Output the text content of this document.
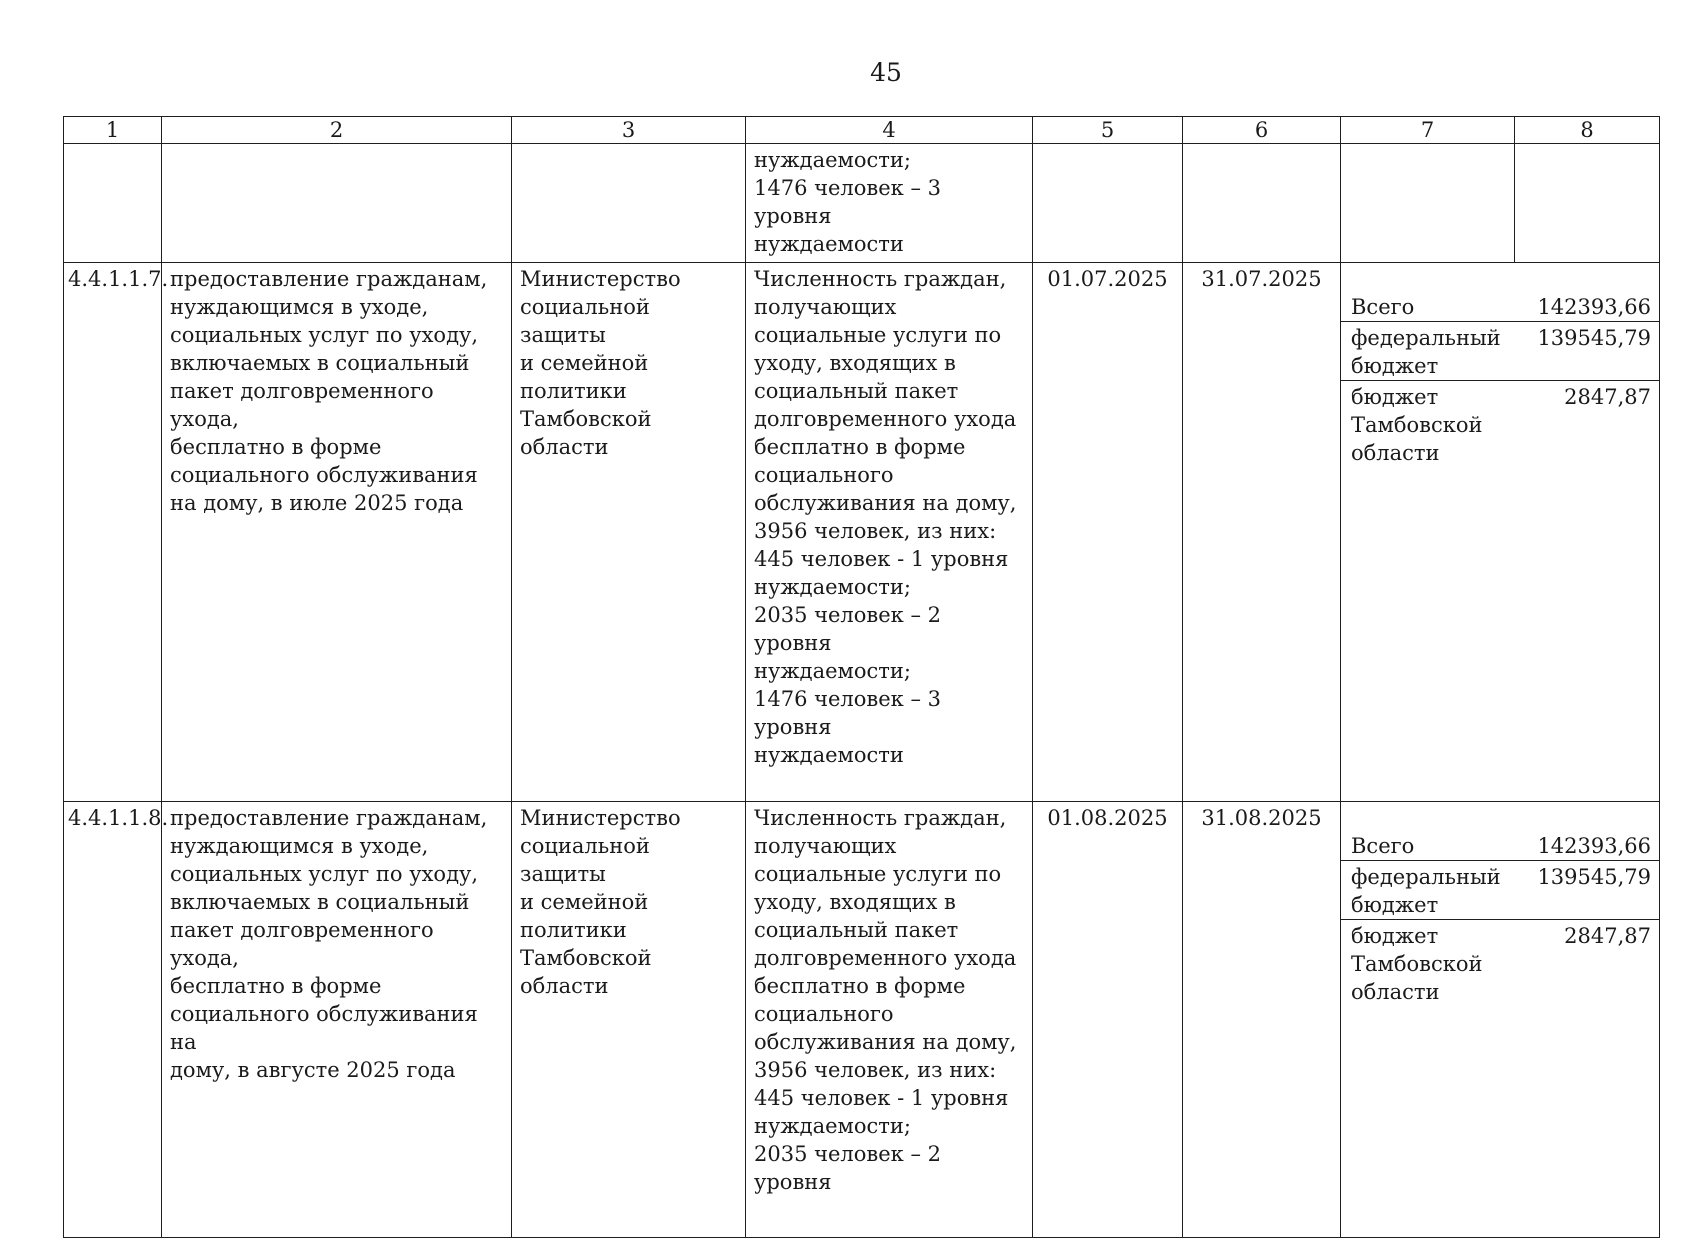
45
1	2	3	4	5	6	7	8
			нуждаемости;
1476 человек – 3 уровня
нуждаемости				
4.4.1.1.7.	предоставление гражданам,
нуждающимся в уходе,
социальных услуг по уходу,
включаемых в социальный
пакет долговременного ухода,
бесплатно в форме
социального обслуживания
на дому, в июле 2025 года	Министерство
социальной защиты
и семейной
политики
Тамбовской
области	Численность граждан,
получающих
социальные услуги по
уходу, входящих в
социальный пакет
долговременного ухода
бесплатно в форме
социального
обслуживания на дому,
3956 человек, из них:
445 человек - 1 уровня
нуждаемости;
2035 человек – 2 уровня
нуждаемости;
1476 человек – 3 уровня
нуждаемости	01.07.2025	31.07.2025	

Всего	142393,66
федеральный
бюджет	139545,79
бюджет
Тамбовской
области	2847,87

4.4.1.1.8.	предоставление гражданам,
нуждающимся в уходе,
социальных услуг по уходу,
включаемых в социальный
пакет долговременного ухода,
бесплатно в форме
социального обслуживания на
дому, в августе 2025 года	Министерство
социальной защиты
и семейной
политики
Тамбовской
области	Численность граждан,
получающих
социальные услуги по
уходу, входящих в
социальный пакет
долговременного ухода
бесплатно в форме
социального
обслуживания на дому,
3956 человек, из них:
445 человек - 1 уровня
нуждаемости;
2035 человек – 2 уровня	01.08.2025	31.08.2025	

Всего	142393,66
федеральный
бюджет	139545,79
бюджет
Тамбовской
области	2847,87
